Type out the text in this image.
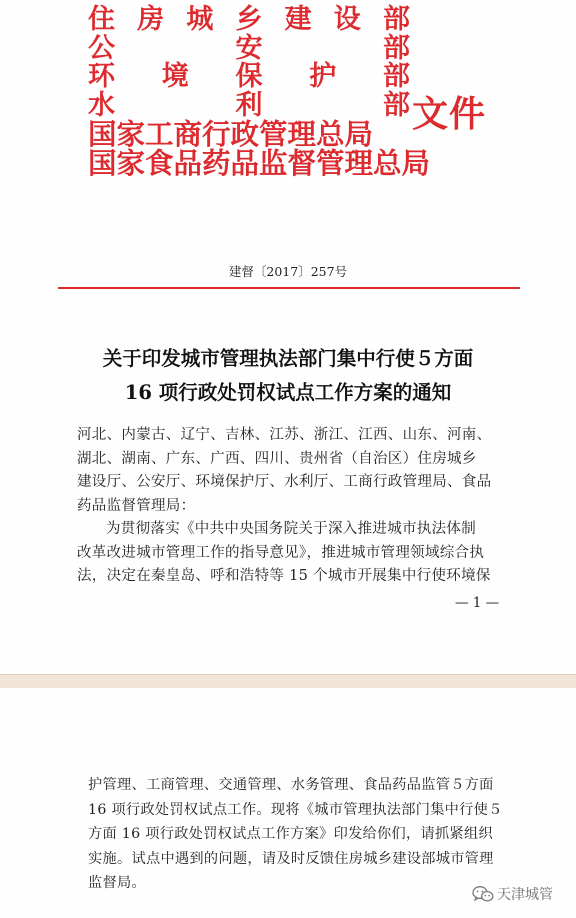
住 房 城 乡 建 设 部
公	安	部
环 境 保 护 部
水	利	部
国家工商行政管理总局
国家食品药品监督管理总局
文件
建督〔2017〕257号
关于印发城市管理执法部门集中行使５方面
16 项行政处罚权试点工作方案的通知
河北、内蒙古、辽宁、吉林、江苏、浙江、江西、山东、河南、
湖北、湖南、广东、广西、四川、贵州省（自治区）住房城乡
建设厅、公安厅、环境保护厅、水利厅、工商行政管理局、食品
药品监督管理局：
为贯彻落实《中共中央国务院关于深入推进城市执法体制
改革改进城市管理工作的指导意见》，推进城市管理领域综合执
法，决定在秦皇岛、呼和浩特等 15 个城市开展集中行使环境保
— 1 —
护管理、工商管理、交通管理、水务管理、食品药品监管５方面
16 项行政处罚权试点工作。现将《城市管理执法部门集中行使５
方面 16 项行政处罚权试点工作方案》印发给你们，请抓紧组织
实施。试点中遇到的问题，请及时反馈住房城乡建设部城市管理
监督局。
天津城管
